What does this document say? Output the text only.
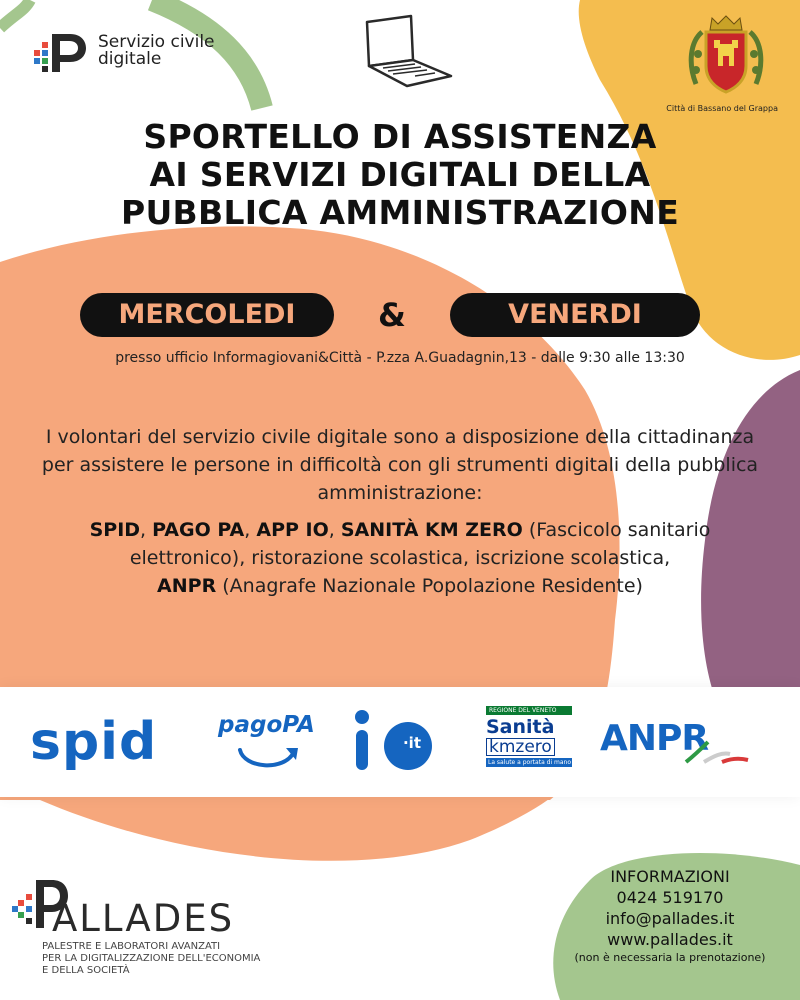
Servizio civile
digitale
Città di Bassano del Grappa
SPORTELLO DI ASSISTENZA
AI SERVIZI DIGITALI DELLA
PUBBLICA AMMINISTRAZIONE
MERCOLEDI	&	VENERDI
presso ufficio Informagiovani&Città - P.zza A.Guadagnin,13 - dalle 9:30 alle 13:30

I volontari del servizio civile digitale sono a disposizione della cittadinanza per assistere le persone in difficoltà con gli strumenti digitali della pubblica amministrazione:

SPID, PAGO PA, APP IO, SANITÀ KM ZERO (Fascicolo sanitario elettronico), ristorazione scolastica, iscrizione scolastica,
ANPR (Anagrafe Nazionale Popolazione Residente)

spid	pagoPA
·it
REGIONE DEL VENETO
Sanità
kmzero
La salute a portata di mano
ANPR
ALLADES
PALESTRE E LABORATORI AVANZATI
PER LA DIGITALIZZAZIONE DELL'ECONOMIA
E DELLA SOCIETÀ
INFORMAZIONI
0424 519170
info@pallades.it
www.pallades.it
(non è necessaria la prenotazione)
